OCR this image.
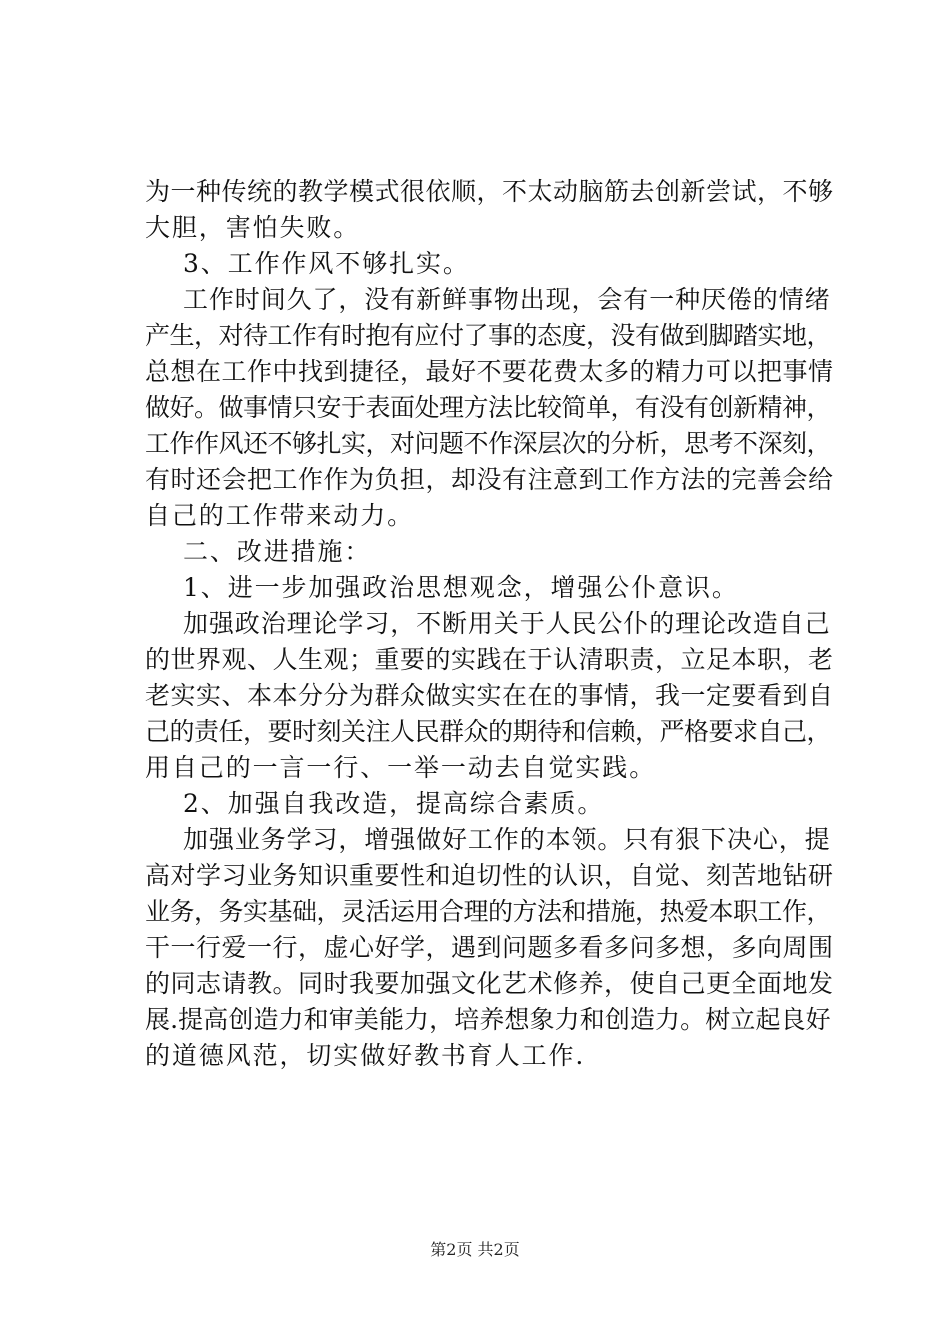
为一种传统的教学模式很依顺，不太动脑筋去创新尝试，不够
大胆，害怕失败。
3、工作作风不够扎实。
工作时间久了，没有新鲜事物出现，会有一种厌倦的情绪
产生，对待工作有时抱有应付了事的态度，没有做到脚踏实地，
总想在工作中找到捷径，最好不要花费太多的精力可以把事情
做好。做事情只安于表面处理方法比较简单，有没有创新精神，
工作作风还不够扎实，对问题不作深层次的分析，思考不深刻，
有时还会把工作作为负担，却没有注意到工作方法的完善会给
自己的工作带来动力。
二、改进措施：
1、进一步加强政治思想观念，增强公仆意识。
加强政治理论学习，不断用关于人民公仆的理论改造自己
的世界观、人生观；重要的实践在于认清职责，立足本职，老
老实实、本本分分为群众做实实在在的事情，我一定要看到自
己的责任，要时刻关注人民群众的期待和信赖，严格要求自己，
用自己的一言一行、一举一动去自觉实践。
2、加强自我改造，提高综合素质。
加强业务学习，增强做好工作的本领。只有狠下决心，提
高对学习业务知识重要性和迫切性的认识，自觉、刻苦地钻研
业务，务实基础，灵活运用合理的方法和措施，热爱本职工作，
干一行爱一行，虚心好学，遇到问题多看多问多想，多向周围
的同志请教。同时我要加强文化艺术修养，使自己更全面地发
展.提高创造力和审美能力，培养想象力和创造力。树立起良好
的道德风范，切实做好教书育人工作.
第2页 共2页
